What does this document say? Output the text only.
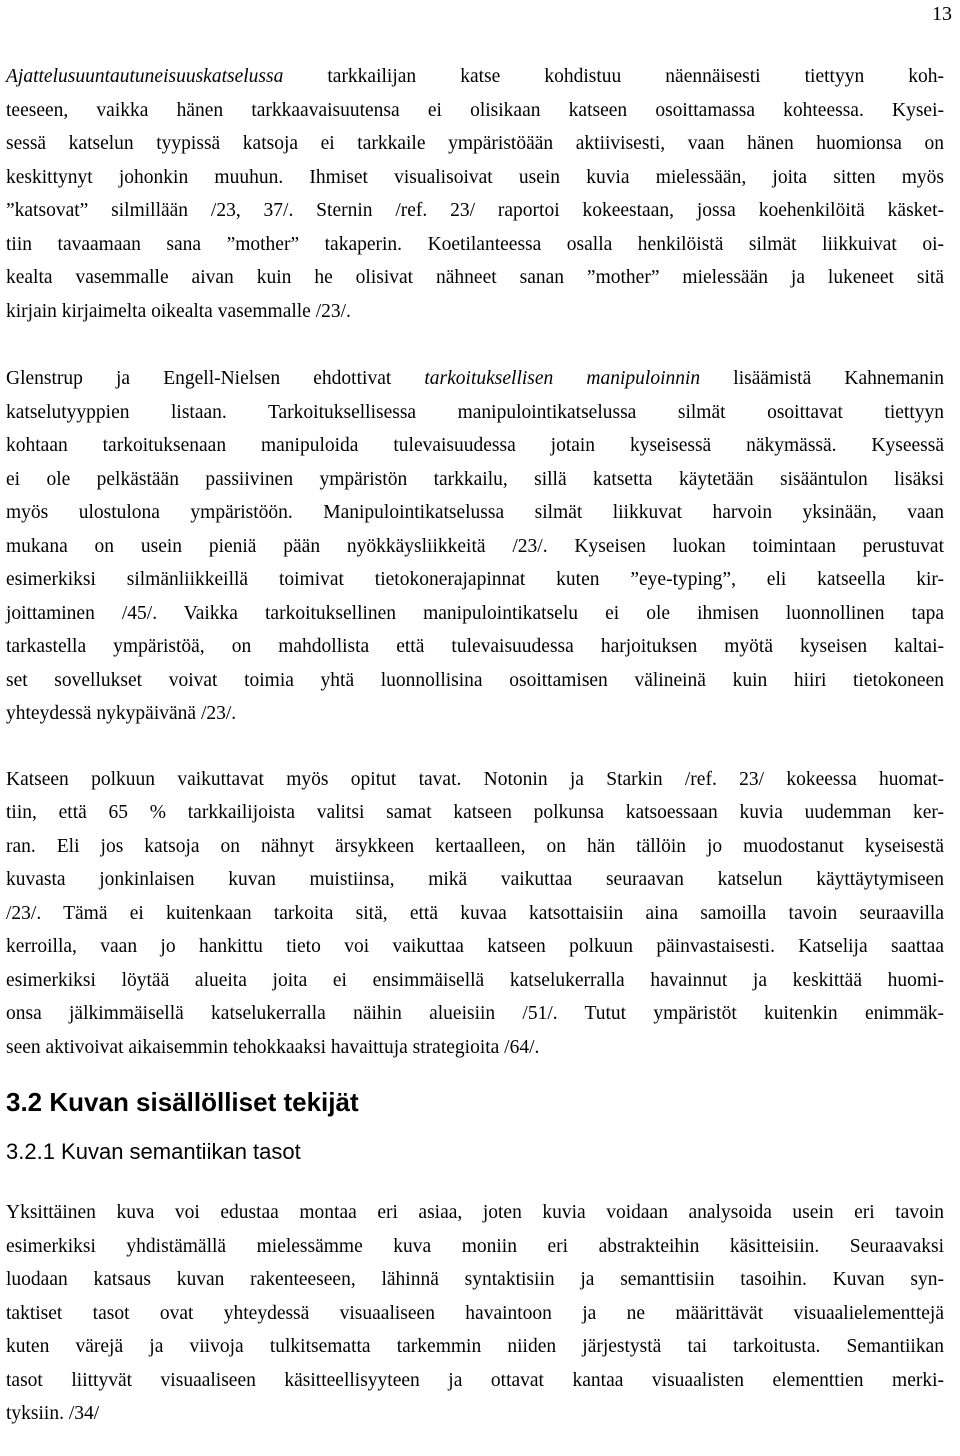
13

Ajattelusuuntautuneisuuskatselussa tarkkailijan katse kohdistuu näennäisesti tiettyyn koh-
teeseen, vaikka hänen tarkkaavaisuutensa ei olisikaan katseen osoittamassa kohteessa. Kysei-
sessä katselun tyypissä katsoja ei tarkkaile ympäristöään aktiivisesti, vaan hänen huomionsa on
keskittynyt johonkin muuhun. Ihmiset visualisoivat usein kuvia mielessään, joita sitten myös
”katsovat” silmillään /23, 37/. Sternin /ref. 23/ raportoi kokeestaan, jossa koehenkilöitä käsket-
tiin tavaamaan sana ”mother” takaperin. Koetilanteessa osalla henkilöistä silmät liikkuivat oi-
kealta vasemmalle aivan kuin he olisivat nähneet sanan ”mother” mielessään ja lukeneet sitä
kirjain kirjaimelta oikealta vasemmalle /23/.

Glenstrup ja Engell-Nielsen ehdottivat tarkoituksellisen manipuloinnin lisäämistä Kahnemanin
katselutyyppien listaan. Tarkoituksellisessa manipulointikatselussa silmät osoittavat tiettyyn
kohtaan tarkoituksenaan manipuloida tulevaisuudessa jotain kyseisessä näkymässä. Kyseessä
ei ole pelkästään passiivinen ympäristön tarkkailu, sillä katsetta käytetään sisääntulon lisäksi
myös ulostulona ympäristöön. Manipulointikatselussa silmät liikkuvat harvoin yksinään, vaan
mukana on usein pieniä pään nyökkäysliikkeitä /23/. Kyseisen luokan toimintaan perustuvat
esimerkiksi silmänliikkeillä toimivat tietokonerajapinnat kuten ”eye-typing”, eli katseella kir-
joittaminen /45/. Vaikka tarkoituksellinen manipulointikatselu ei ole ihmisen luonnollinen tapa
tarkastella ympäristöä, on mahdollista että tulevaisuudessa harjoituksen myötä kyseisen kaltai-
set sovellukset voivat toimia yhtä luonnollisina osoittamisen välineinä kuin hiiri tietokoneen
yhteydessä nykypäivänä /23/.

Katseen polkuun vaikuttavat myös opitut tavat. Notonin ja Starkin /ref. 23/ kokeessa huomat-
tiin, että 65 % tarkkailijoista valitsi samat katseen polkunsa katsoessaan kuvia uudemman ker-
ran. Eli jos katsoja on nähnyt ärsykkeen kertaalleen, on hän tällöin jo muodostanut kyseisestä
kuvasta jonkinlaisen kuvan muistiinsa, mikä vaikuttaa seuraavan katselun käyttäytymiseen
/23/. Tämä ei kuitenkaan tarkoita sitä, että kuvaa katsottaisiin aina samoilla tavoin seuraavilla
kerroilla, vaan jo hankittu tieto voi vaikuttaa katseen polkuun päinvastaisesti. Katselija saattaa
esimerkiksi löytää alueita joita ei ensimmäisellä katselukerralla havainnut ja keskittää huomi-
onsa jälkimmäisellä katselukerralla näihin alueisiin /51/. Tutut ympäristöt kuitenkin enimmäk-
seen aktivoivat aikaisemmin tehokkaaksi havaittuja strategioita /64/.

3.2 Kuvan sisällölliset tekijät
3.2.1 Kuvan semantiikan tasot

Yksittäinen kuva voi edustaa montaa eri asiaa, joten kuvia voidaan analysoida usein eri tavoin
esimerkiksi yhdistämällä mielessämme kuva moniin eri abstrakteihin käsitteisiin. Seuraavaksi
luodaan katsaus kuvan rakenteeseen, lähinnä syntaktisiin ja semanttisiin tasoihin. Kuvan syn-
taktiset tasot ovat yhteydessä visuaaliseen havaintoon ja ne määrittävät visuaalielementtejä
kuten värejä ja viivoja tulkitsematta tarkemmin niiden järjestystä tai tarkoitusta. Semantiikan
tasot liittyvät visuaaliseen käsitteellisyyteen ja ottavat kantaa visuaalisten elementtien merki-
tyksiin. /34/
